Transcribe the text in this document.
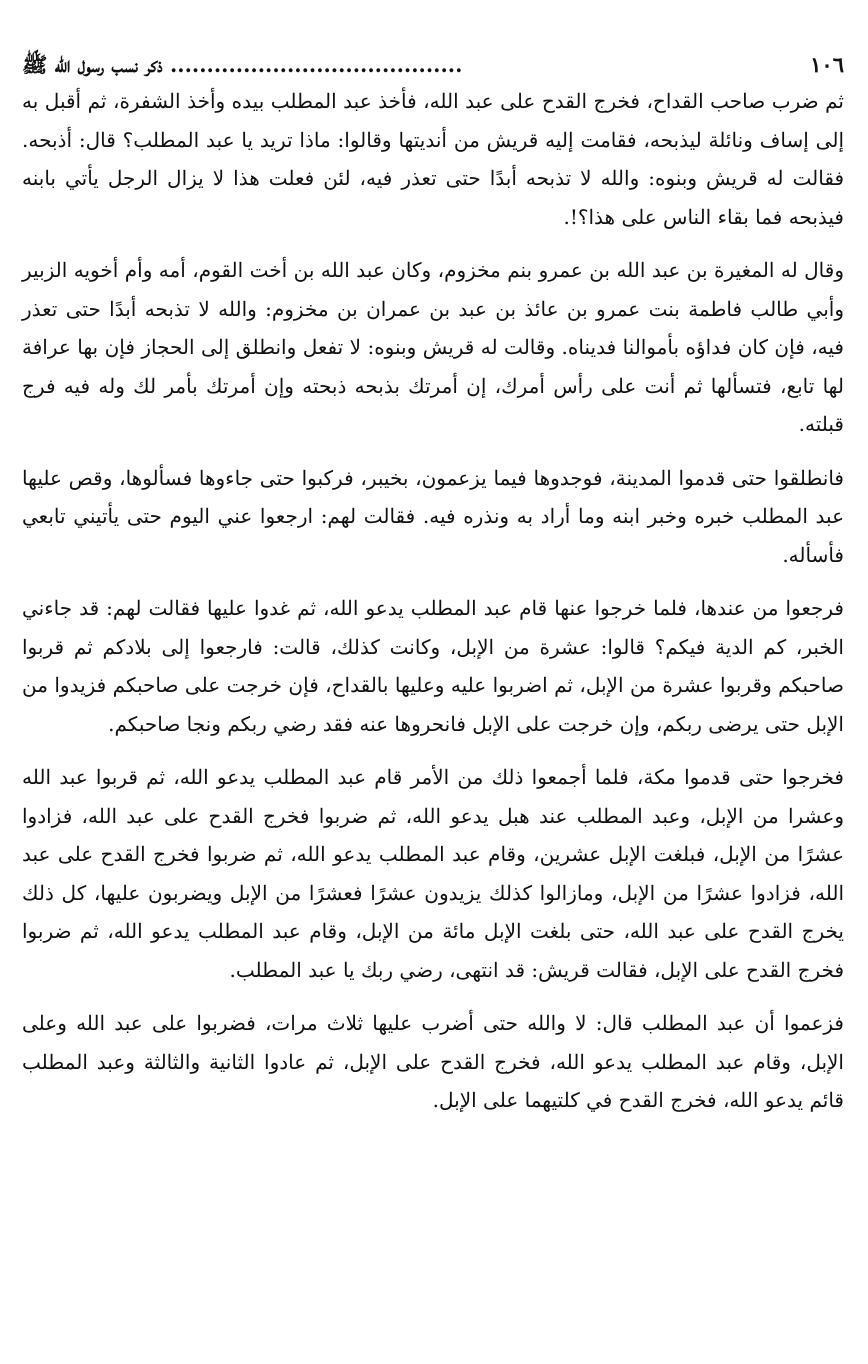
١٠٦
........................................ ذكر نسب رسول الله ﷺ

ثم ضرب صاحب القداح، فخرج القدح على عبد الله، فأخذ عبد المطلب بيده وأخذ الشفرة، ثم أقبل به إلى إساف ونائلة ليذبحه، فقامت إليه قريش من أنديتها وقالوا: ماذا تريد يا عبد المطلب؟ قال: أذبحه. فقالت له قريش وبنوه: والله لا تذبحه أبدًا حتى تعذر فيه، لئن فعلت هذا لا يزال الرجل يأتي بابنه فيذبحه فما بقاء الناس على هذا؟!.

وقال له المغيرة بن عبد الله بن عمرو بنم مخزوم، وكان عبد الله بن أخت القوم، أمه وأم أخويه الزبير وأبي طالب فاطمة بنت عمرو بن عائذ بن عبد بن عمران بن مخزوم: والله لا تذبحه أبدًا حتى تعذر فيه، فإن كان فداؤه بأموالنا فديناه. وقالت له قريش وبنوه: لا تفعل وانطلق إلى الحجاز فإن بها عرافة لها تابع، فتسألها ثم أنت على رأس أمرك، إن أمرتك بذبحه ذبحته وإن أمرتك بأمر لك وله فيه فرج قبلته.

فانطلقوا حتى قدموا المدينة، فوجدوها فيما يزعمون، بخيبر، فركبوا حتى جاءوها فسألوها، وقص عليها عبد المطلب خبره وخبر ابنه وما أراد به ونذره فيه. فقالت لهم: ارجعوا عني اليوم حتى يأتيني تابعي فأسأله.

فرجعوا من عندها، فلما خرجوا عنها قام عبد المطلب يدعو الله، ثم غدوا عليها فقالت لهم: قد جاءني الخبر، كم الدية فيكم؟ قالوا: عشرة من الإبل، وكانت كذلك، قالت: فارجعوا إلى بلادكم ثم قربوا صاحبكم وقربوا عشرة من الإبل، ثم اضربوا عليه وعليها بالقداح، فإن خرجت على صاحبكم فزيدوا من الإبل حتى يرضى ربكم، وإن خرجت على الإبل فانحروها عنه فقد رضي ربكم ونجا صاحبكم.

فخرجوا حتى قدموا مكة، فلما أجمعوا ذلك من الأمر قام عبد المطلب يدعو الله، ثم قربوا عبد الله وعشرا من الإبل، وعبد المطلب عند هبل يدعو الله، ثم ضربوا فخرج القدح على عبد الله، فزادوا عشرًا من الإبل، فبلغت الإبل عشرين، وقام عبد المطلب يدعو الله، ثم ضربوا فخرج القدح على عبد الله، فزادوا عشرًا من الإبل، ومازالوا كذلك يزيدون عشرًا فعشرًا من الإبل ويضربون عليها، كل ذلك يخرج القدح على عبد الله، حتى بلغت الإبل مائة من الإبل، وقام عبد المطلب يدعو الله، ثم ضربوا فخرج القدح على الإبل، فقالت قريش: قد انتهى، رضي ربك يا عبد المطلب.

فزعموا أن عبد المطلب قال: لا والله حتى أضرب عليها ثلاث مرات، فضربوا على عبد الله وعلى الإبل، وقام عبد المطلب يدعو الله، فخرج القدح على الإبل، ثم عادوا الثانية والثالثة وعبد المطلب قائم يدعو الله، فخرج القدح في كلتيهما على الإبل.
